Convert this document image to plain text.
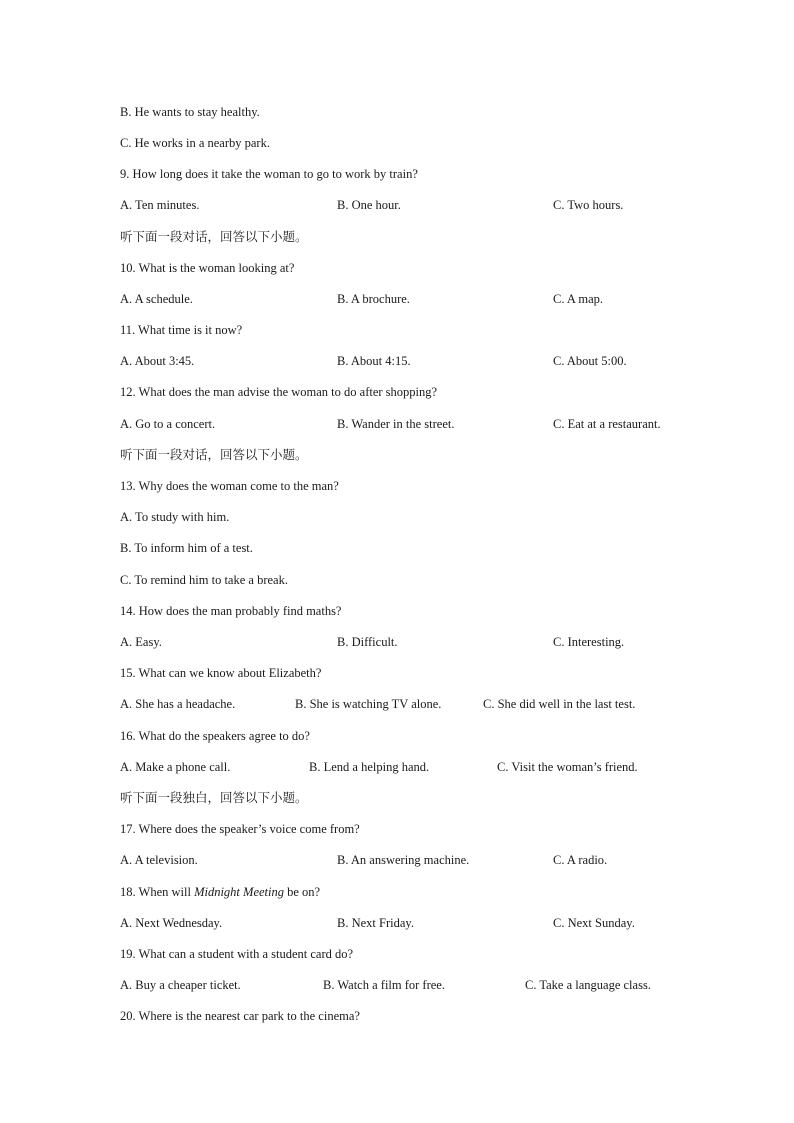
B. He wants to stay healthy.
C. He works in a nearby park.
9. How long does it take the woman to go to work by train?
A. Ten minutes.	B. One hour.	C. Two hours.
听下面一段对话，回答以下小题。
10. What is the woman looking at?
A. A schedule.	B. A brochure.	C. A map.
11. What time is it now?
A. About 3:45.	B. About 4:15.	C. About 5:00.
12. What does the man advise the woman to do after shopping?
A. Go to a concert.	B. Wander in the street.	C. Eat at a restaurant.
听下面一段对话，回答以下小题。
13. Why does the woman come to the man?
A. To study with him.
B. To inform him of a test.
C. To remind him to take a break.
14. How does the man probably find maths?
A. Easy.	B. Difficult.	C. Interesting.
15. What can we know about Elizabeth?
A. She has a headache.	B. She is watching TV alone.	C. She did well in the last test.
16. What do the speakers agree to do?
A. Make a phone call.	B. Lend a helping hand.	C. Visit the woman’s friend.
听下面一段独白，回答以下小题。
17. Where does the speaker’s voice come from?
A. A television.	B. An answering machine.	C. A radio.
18. When will Midnight Meeting be on?
A. Next Wednesday.	B. Next Friday.	C. Next Sunday.
19. What can a student with a student card do?
A. Buy a cheaper ticket.	B. Watch a film for free.	C. Take a language class.
20. Where is the nearest car park to the cinema?
